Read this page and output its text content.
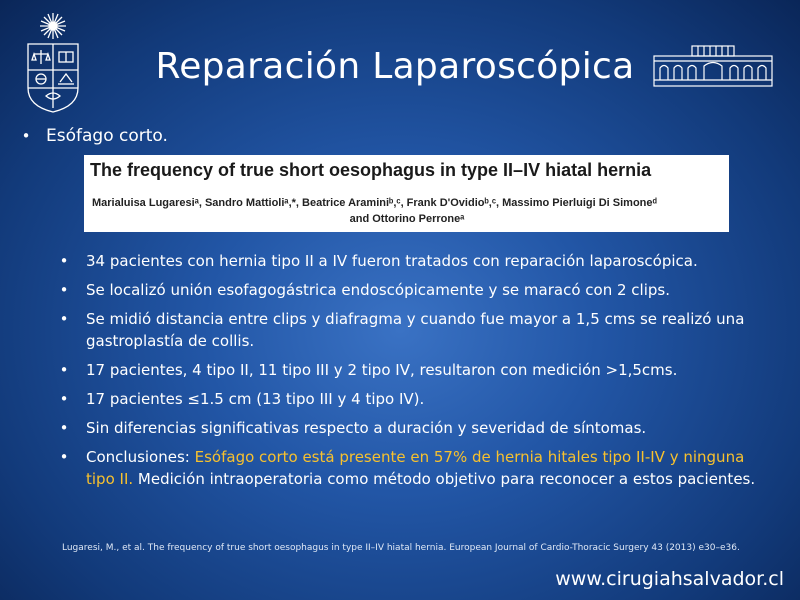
Reparación Laparoscópica
• Esófago corto.
The frequency of true short oesophagus in type II–IV hiatal hernia
Marialuisa Lugaresiᵃ, Sandro Mattioliᵃ,*, Beatrice Araminiᵇ,ᶜ, Frank D'Ovidioᵇ,ᶜ, Massimo Pierluigi Di Simoneᵈ
and Ottorino Perroneᵃ
• 34 pacientes con hernia tipo II a IV fueron tratados con reparación laparoscópica.
• Se localizó unión esofagogástrica endoscópicamente y se maracó con 2 clips.
• Se midió distancia entre clips y diafragma y cuando fue mayor a 1,5 cms se realizó una gastroplastía de collis.
• 17 pacientes, 4 tipo II, 11 tipo III y 2 tipo IV, resultaron con medición >1,5cms.
• 17 pacientes ≤1.5 cm (13 tipo III y 4 tipo IV).
• Sin diferencias significativas respecto a duración y severidad de síntomas.
• Conclusiones: Esófago corto está presente en 57% de hernia hitales tipo II-IV y ninguna tipo II. Medición intraoperatoria como método objetivo para reconocer a estos pacientes.
Lugaresi, M., et al. The frequency of true short oesophagus in type II–IV hiatal hernia. European Journal of Cardio-Thoracic Surgery 43 (2013) e30–e36.
www.cirugiahsalvador.cl
